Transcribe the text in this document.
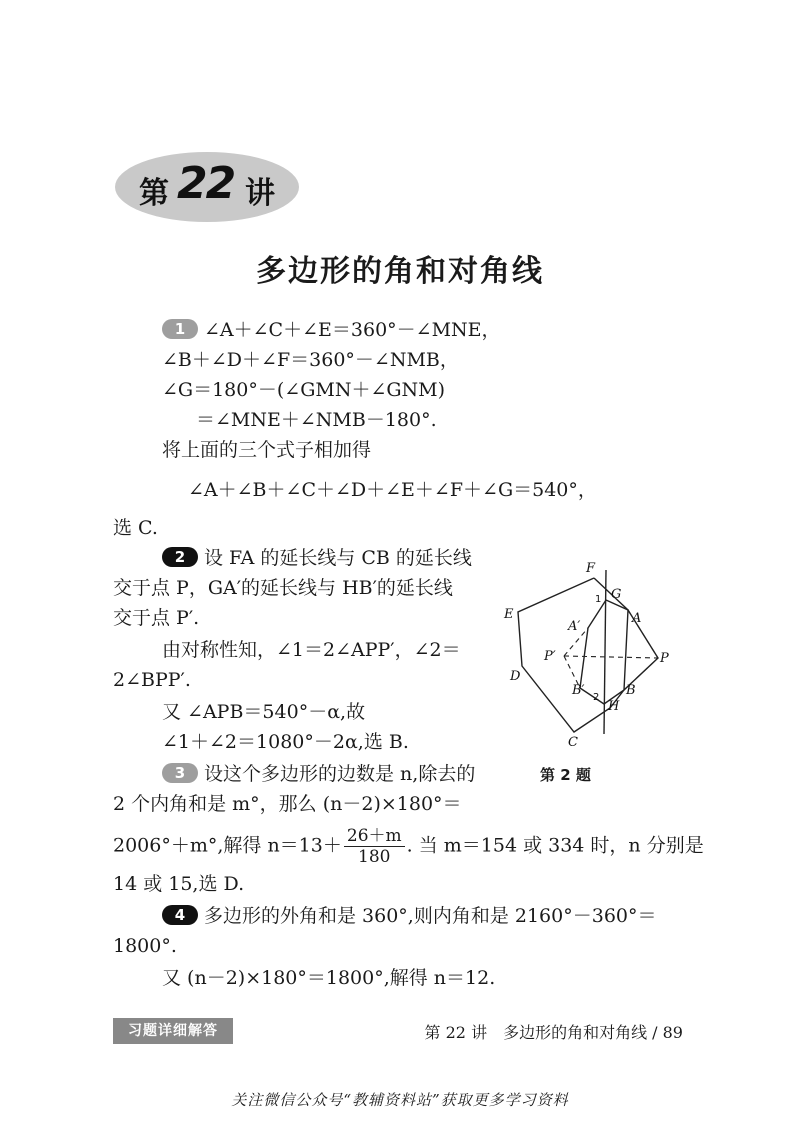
第 22 讲
多边形的角和对角线
1 ∠A＋∠C＋∠E＝360°－∠MNE，
∠B＋∠D＋∠F＝360°－∠NMB，
∠G＝180°－(∠GMN＋∠GNM)
＝∠MNE＋∠NMB－180°.
将上面的三个式子相加得
∠A＋∠B＋∠C＋∠D＋∠E＋∠F＋∠G＝540°，
选 C.
2 设 FA 的延长线与 CB 的延长线
交于点 P，GA′的延长线与 HB′的延长线
交于点 P′.
由对称性知，∠1＝2∠APP′，∠2＝
2∠BPP′.
又 ∠APB＝540°－α,故
∠1＋∠2＝1080°－2α,选 B.
F
G
A
E
A′
P′	P
D
B′	B
H
C
1
2
第 2 题
3 设这个多边形的边数是 n,除去的
2 个内角和是 m°，那么 (n－2)×180°＝
2006°＋m°,解得 $n=13+ \frac{26+m}{180}$ . 当 m＝154 或 334 时，n 分别是
14 或 15,选 D.
4 多边形的外角和是 360°,则内角和是 2160°－360°＝
1800°.
又 (n－2)×180°＝1800°,解得 n＝12.
习题详细解答	第 22 讲　多边形的角和对角线 / 89
关注微信公众号“教辅资料站”获取更多学习资料
